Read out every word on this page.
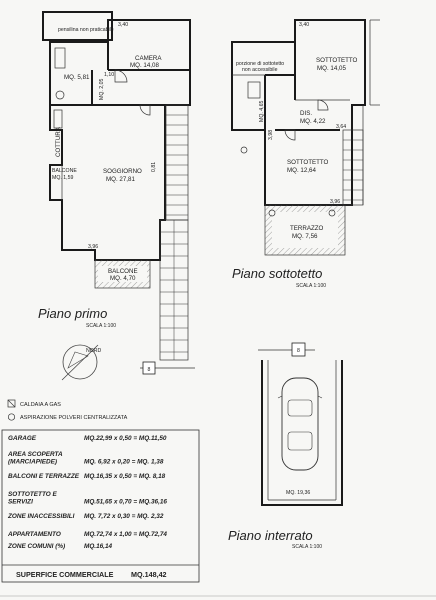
8
pensilina non praticabile
CAMERA
MQ. 14,08
MQ. 5,81
COTTURA
SOGGIORNO
MQ. 27,81
BALCONE
MQ. 1,59
BALCONE
MQ. 4,70
MQ. 2,05
3,40
1,10
3,96
0,81
Piano primo
SCALA 1:100
porzione di sottotetto
non accessibile
SOTTOTETTO
MQ. 14,05
DIS.
MQ. 4,22
MQ. 4,65
SOTTOTETTO
MQ. 12,64
TERRAZZO
MQ. 7,56
3,40
3,64
3,98
3,96
Piano sottotetto
SCALA 1:100
8
MQ. 19,36
Piano interrato
SCALA 1:100
NORD
CALDAIA A GAS
ASPIRAZIONE POLVERI CENTRALIZZATA
GARAGE	MQ.22,99 x 0,50 = MQ.11,50
AREA SCOPERTA
(MARCIAPIEDE)	MQ. 6,92 x 0,20 = MQ. 1,38
BALCONI E TERRAZZE MQ.16,35 x 0,50 = MQ. 8,18
SOTTOTETTO E
SERVIZI	MQ.51,65 x 0,70 = MQ.36,16
ZONE INACCESSIBILI MQ. 7,72 x 0,30 = MQ. 2,32
APPARTAMENTO	MQ.72,74 x 1,00 = MQ.72,74
ZONE COMUNI (%)	MQ.16,14
SUPERFICE COMMERCIALE MQ.148,42
